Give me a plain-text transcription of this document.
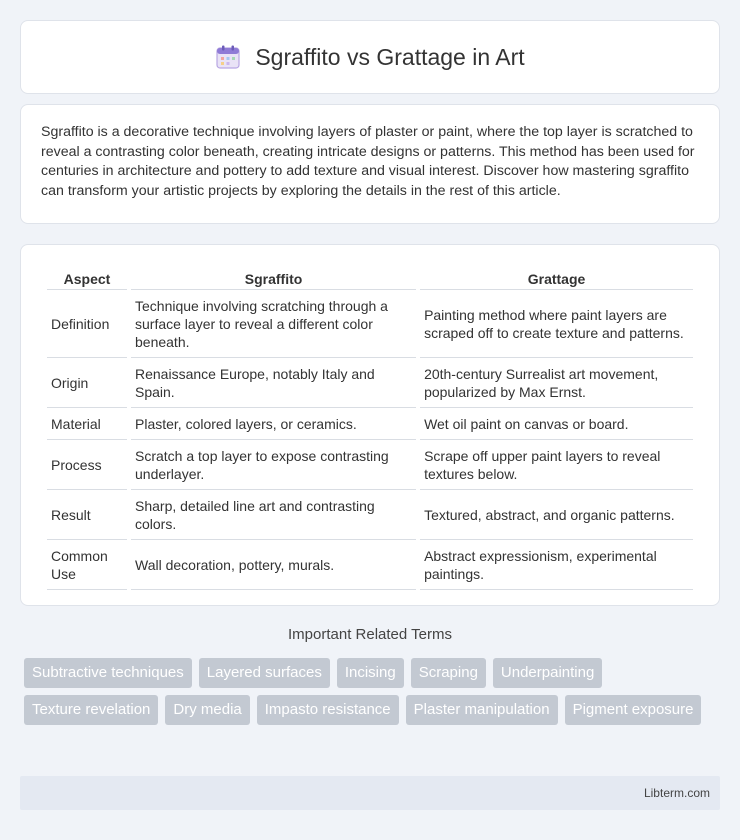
Sgraffito vs Grattage in Art

Sgraffito is a decorative technique involving layers of plaster or paint, where the top layer is scratched to reveal a contrasting color beneath, creating intricate designs or patterns. This method has been used for centuries in architecture and pottery to add texture and visual interest. Discover how mastering sgraffito can transform your artistic projects by exploring the details in the rest of this article.

Aspect	Sgraffito	Grattage
Definition	Technique involving scratching through a surface layer to reveal a different color beneath.	Painting method where paint layers are scraped off to create texture and patterns.
Origin	Renaissance Europe, notably Italy and Spain.	20th-century Surrealist art movement, popularized by Max Ernst.
Material	Plaster, colored layers, or ceramics.	Wet oil paint on canvas or board.
Process	Scratch a top layer to expose contrasting underlayer.	Scrape off upper paint layers to reveal textures below.
Result	Sharp, detailed line art and contrasting colors.	Textured, abstract, and organic patterns.
Common Use	Wall decoration, pottery, murals.	Abstract expressionism, experimental paintings.
Important Related Terms
Subtractive techniques	Layered surfaces	Incising	Scraping	Underpainting
Texture revelation	Dry media	Impasto resistance	Plaster manipulation	Pigment exposure
Libterm.com
